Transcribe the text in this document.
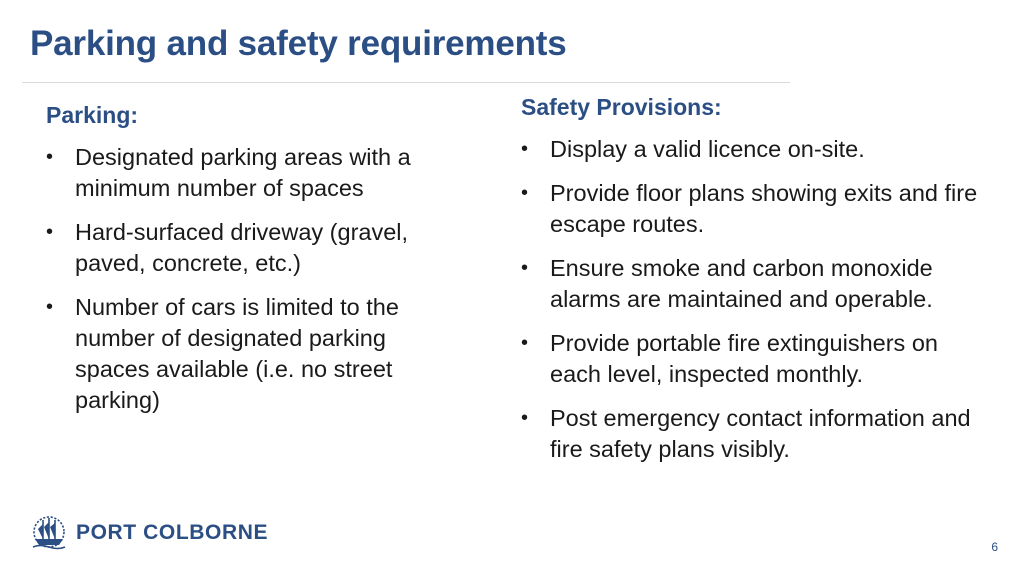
Parking and safety requirements
Parking:
• Designated parking areas with a minimum number of spaces
• Hard-surfaced driveway (gravel, paved, concrete, etc.)
• Number of cars is limited to the number of designated parking spaces available (i.e. no street parking)
Safety Provisions:
• Display a valid licence on-site.
• Provide floor plans showing exits and fire escape routes.
• Ensure smoke and carbon monoxide alarms are maintained and operable.
• Provide portable fire extinguishers on each level, inspected monthly.
• Post emergency contact information and fire safety plans visibly.
PORT COLBORNE
6
